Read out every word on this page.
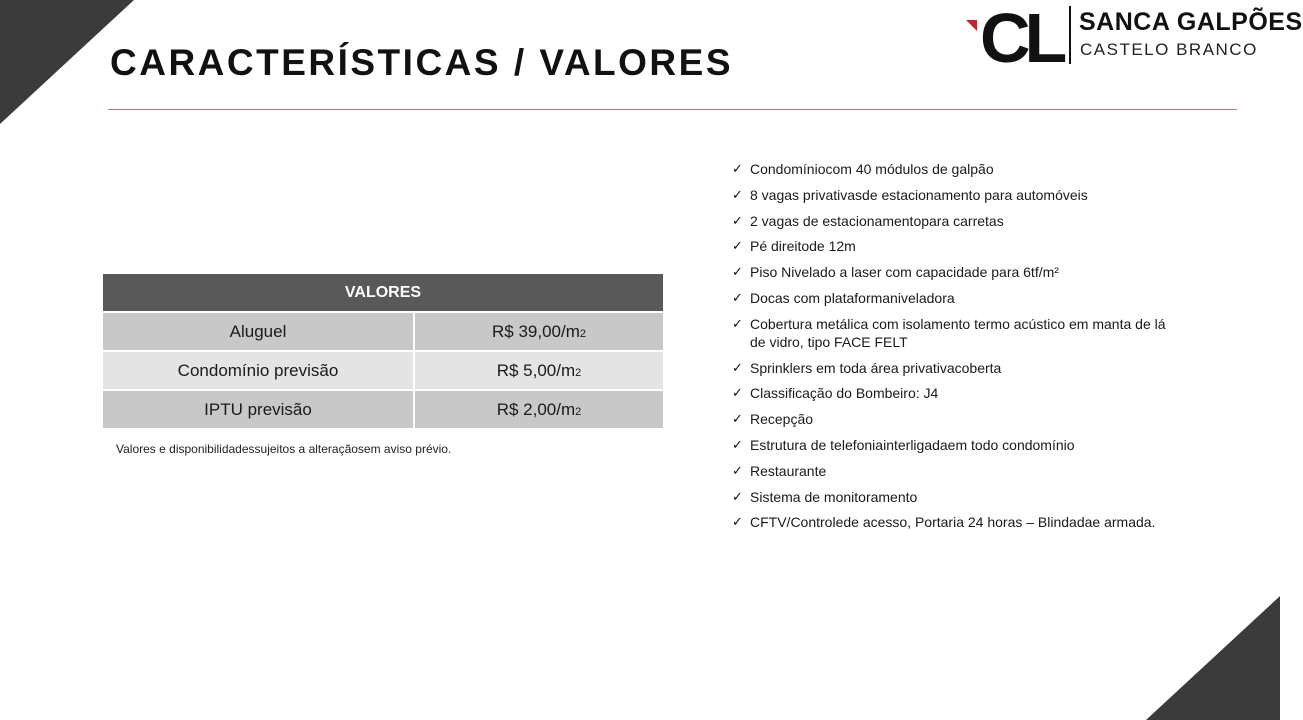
CARACTERÍSTICAS / VALORES	CL SANCA GALPÕES
CASTELO BRANCO
VALORES
Aluguel	R$ 39,00/m 2
Condomínio previsão	R$ 5,00/m 2
IPTU previsão	R$ 2,00/m 2

Valores e disponibilidadessujeitos a alteraçãosem aviso prévio.

✓ Condomíniocom 40 módulos de galpão
✓ 8 vagas privativasde estacionamento para automóveis
✓ 2 vagas de estacionamentopara carretas
✓ Pé direitode 12m
✓ Piso Nivelado a laser com capacidade para 6tf/m²
✓ Docas com plataformaniveladora
✓ Cobertura metálica com isolamento termo acústico em manta de lá de vidro, tipo FACE FELT
✓ Sprinklers em toda área privativacoberta
✓ Classificação do Bombeiro: J4
✓ Recepção
✓ Estrutura de telefoniainterligadaem todo condomínio
✓ Restaurante
✓ Sistema de monitoramento
✓ CFTV/Controlede acesso, Portaria 24 horas – Blindadae armada.
